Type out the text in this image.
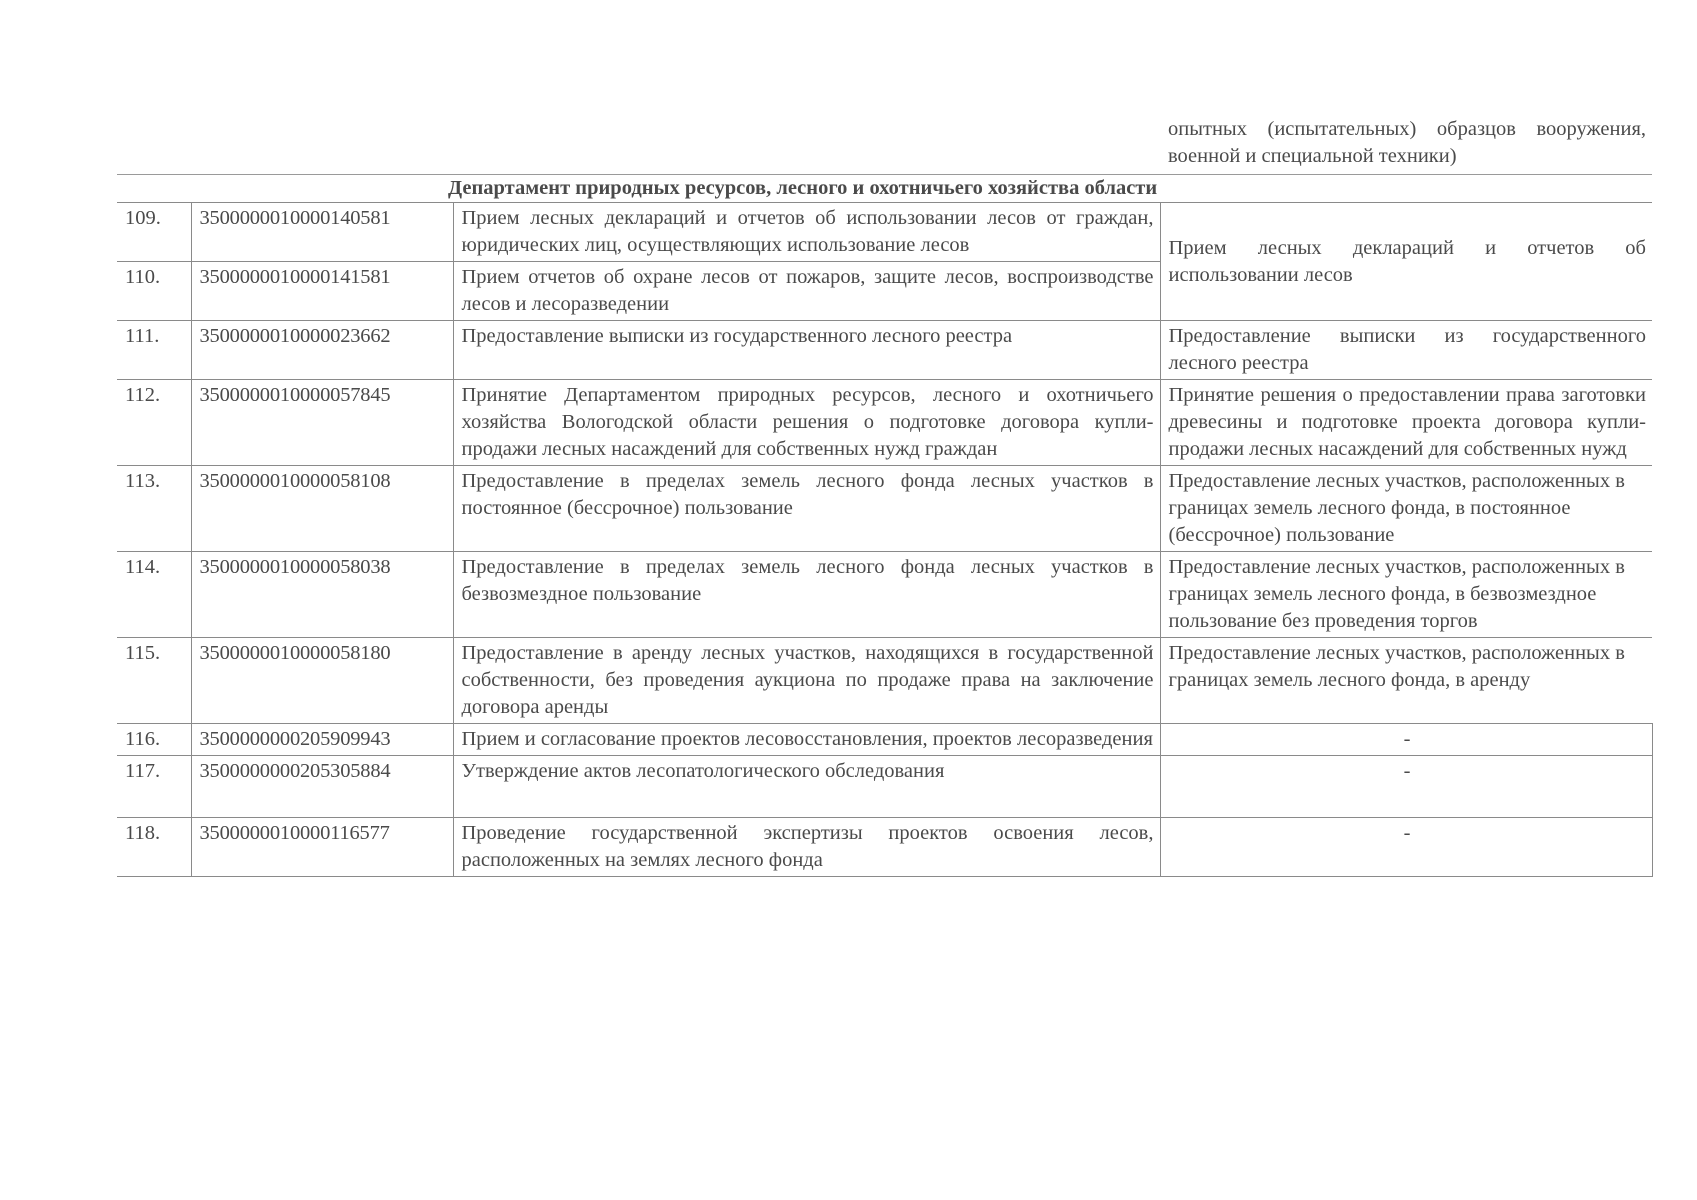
			опытных (испытательных) образцов вооружения, военной и специальной техники)
Департамент природных ресурсов, лесного и охотничьего хозяйства области			
109.	3500000010000140581	Прием лесных деклараций и отчетов об использовании лесов от граждан, юридических лиц, осуществляющих использование лесов	Прием лесных деклараций и отчетов об использовании лесов
110.	3500000010000141581	Прием отчетов об охране лесов от пожаров, защите лесов, воспроизводстве лесов и лесоразведении	
111.	3500000010000023662	Предоставление выписки из государственного лесного реестра	Предоставление выписки из государственного лесного реестра
112.	3500000010000057845	Принятие Департаментом природных ресурсов, лесного и охотничьего хозяйства Вологодской области решения о подготовке договора купли-продажи лесных насаждений для собственных нужд граждан	Принятие решения о предоставлении права заготовки древесины и подготовке проекта договора купли-продажи лесных насаждений для собственных нужд
113.	3500000010000058108	Предоставление в пределах земель лесного фонда лесных участков в постоянное (бессрочное) пользование	Предоставление лесных участков, расположенных в границах земель лесного фонда, в постоянное (бессрочное) пользование
114.	3500000010000058038	Предоставление в пределах земель лесного фонда лесных участков в безвозмездное пользование	Предоставление лесных участков, расположенных в границах земель лесного фонда, в безвозмездное пользование без проведения торгов
115.	3500000010000058180	Предоставление в аренду лесных участков, находящихся в государственной собственности, без проведения аукциона по продаже права на заключение договора аренды	Предоставление лесных участков, расположенных в границах земель лесного фонда, в аренду
116.	3500000000205909943	Прием и согласование проектов лесовосстановления, проектов лесоразведения	-
117.	3500000000205305884	Утверждение актов лесопатологического обследования	-
118.	3500000010000116577	Проведение государственной экспертизы проектов освоения лесов, расположенных на землях лесного фонда	-
